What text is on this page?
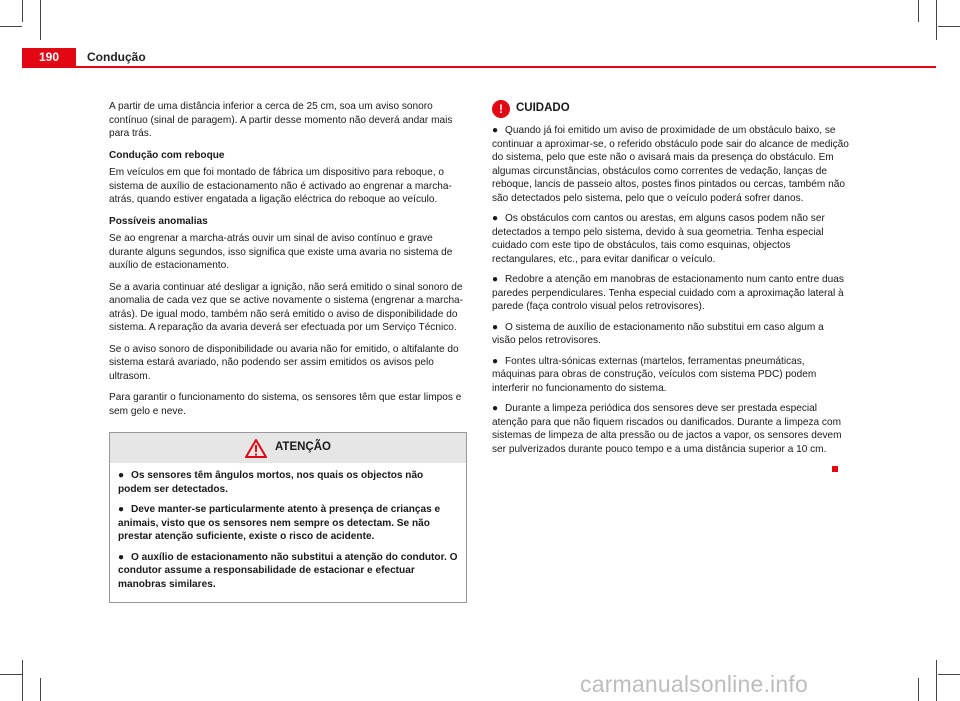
190	Condução

A partir de uma distância inferior a cerca de 25 cm, soa um aviso sonoro contínuo (sinal de paragem). A partir desse momento não deverá andar mais para trás.

Condução com reboque

Em veículos em que foi montado de fábrica um dispositivo para reboque, o sistema de auxílio de estacionamento não é activado ao engrenar a marcha-atrás, quando estiver engatada a ligação eléctrica do reboque ao veículo.

Possíveis anomalias

Se ao engrenar a marcha-atrás ouvir um sinal de aviso contínuo e grave durante alguns segundos, isso significa que existe uma avaria no sistema de auxílio de estacionamento.

Se a avaria continuar até desligar a ignição, não será emitido o sinal sonoro de anomalia de cada vez que se active novamente o sistema (engrenar a marcha-atrás). De igual modo, também não será emitido o aviso de disponibilidade do sistema. A reparação da avaria deverá ser efectuada por um Serviço Técnico.

Se o aviso sonoro de disponibilidade ou avaria não for emitido, o altifalante do sistema estará avariado, não podendo ser assim emitidos os avisos pelo ultrasom.

Para garantir o funcionamento do sistema, os sensores têm que estar limpos e sem gelo e neve.

ATENÇÃO

● Os sensores têm ângulos mortos, nos quais os objectos não podem ser detectados.

● Deve manter-se particularmente atento à presença de crianças e animais, visto que os sensores nem sempre os detectam. Se não prestar atenção suficiente, existe o risco de acidente.

● O auxílio de estacionamento não substitui a atenção do condutor. O condutor assume a responsabilidade de estacionar e efectuar manobras similares.

!	CUIDADO

● Quando já foi emitido um aviso de proximidade de um obstáculo baixo, se continuar a aproximar-se, o referido obstáculo pode sair do alcance de medição do sistema, pelo que este não o avisará mais da presença do obstáculo. Em algumas circunstâncias, obstáculos como correntes de vedação, lanças de reboque, lancis de passeio altos, postes finos pintados ou cercas, também não são detectados pelo sistema, pelo que o veículo poderá sofrer danos.

● Os obstáculos com cantos ou arestas, em alguns casos podem não ser detectados a tempo pelo sistema, devido à sua geometria. Tenha especial cuidado com este tipo de obstáculos, tais como esquinas, objectos rectangulares, etc., para evitar danificar o veículo.

● Redobre a atenção em manobras de estacionamento num canto entre duas paredes perpendiculares. Tenha especial cuidado com a aproximação lateral à parede (faça controlo visual pelos retrovisores).

● O sistema de auxílio de estacionamento não substitui em caso algum a visão pelos retrovisores.

● Fontes ultra-sónicas externas (martelos, ferramentas pneumáticas, máquinas para obras de construção, veículos com sistema PDC) podem interferir no funcionamento do sistema.

● Durante a limpeza periódica dos sensores deve ser prestada especial atenção para que não fiquem riscados ou danificados. Durante a limpeza com sistemas de limpeza de alta pressão ou de jactos a vapor, os sensores devem ser pulverizados durante pouco tempo e a uma distância superior a 10 cm.

carmanualsonline.info
